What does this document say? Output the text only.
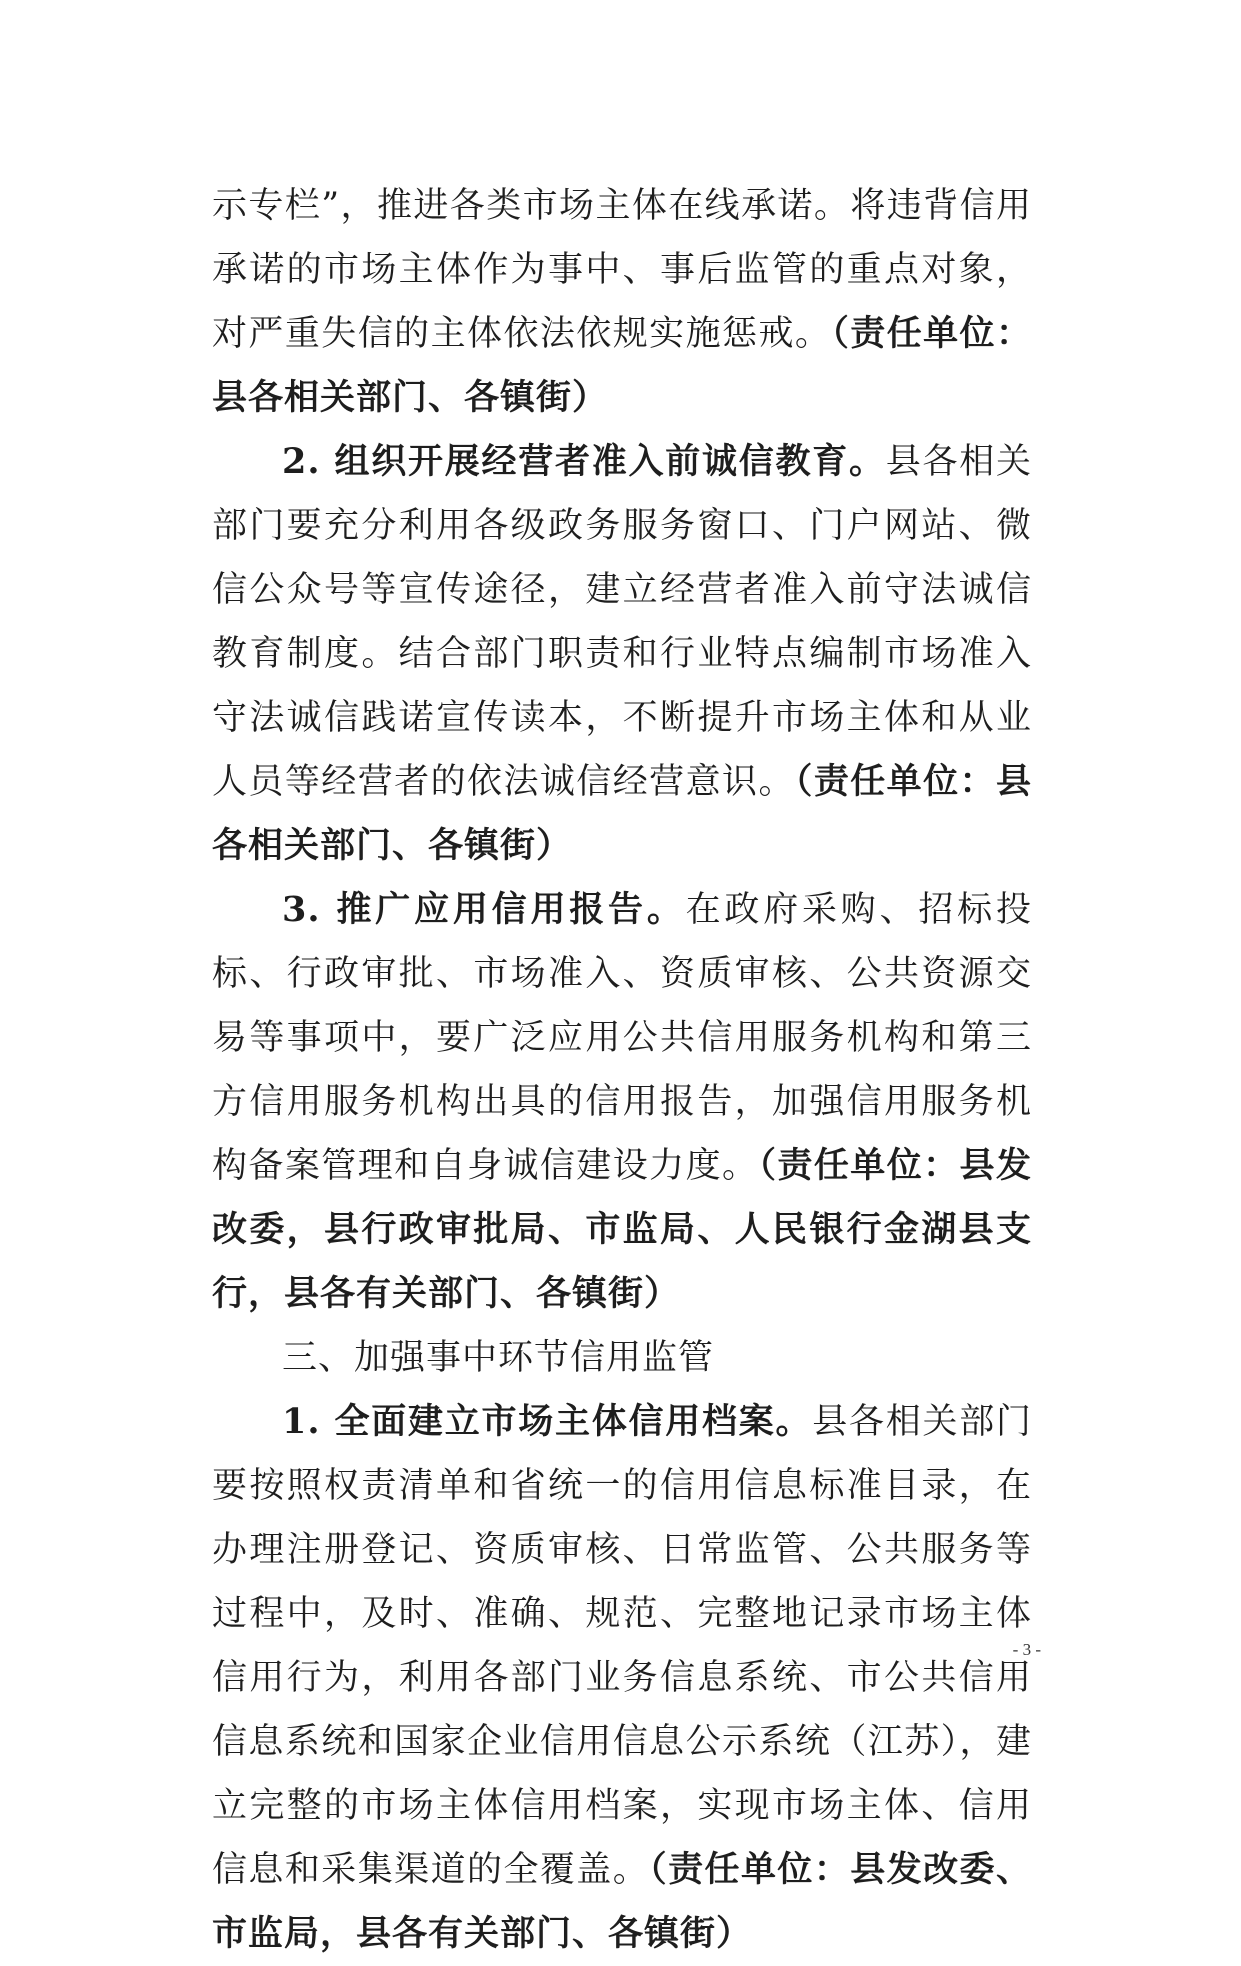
示专栏”，推进各类市场主体在线承诺。将违背信用承诺的市场主体作为事中、事后监管的重点对象，对严重失信的主体依法依规实施惩戒。（责任单位：县各相关部门、各镇街）

2. 组织开展经营者准入前诚信教育。县各相关部门要充分利用各级政务服务窗口、门户网站、微信公众号等宣传途径，建立经营者准入前守法诚信教育制度。结合部门职责和行业特点编制市场准入守法诚信践诺宣传读本，不断提升市场主体和从业人员等经营者的依法诚信经营意识。（责任单位：县各相关部门、各镇街）

3. 推广应用信用报告。在政府采购、招标投标、行政审批、市场准入、资质审核、公共资源交易等事项中，要广泛应用公共信用服务机构和第三方信用服务机构出具的信用报告，加强信用服务机构备案管理和自身诚信建设力度。（责任单位：县发改委，县行政审批局、市监局、人民银行金湖县支行，县各有关部门、各镇街）

三、加强事中环节信用监管

1. 全面建立市场主体信用档案。县各相关部门要按照权责清单和省统一的信用信息标准目录，在办理注册登记、资质审核、日常监管、公共服务等过程中，及时、准确、规范、完整地记录市场主体信用行为，利用各部门业务信息系统、市公共信用信息系统和国家企业信用信息公示系统（江苏），建立完整的市场主体信用档案，实现市场主体、信用信息和采集渠道的全覆盖。（责任单位：县发改委、市监局，县各有关部门、各镇街）

- 3 -
